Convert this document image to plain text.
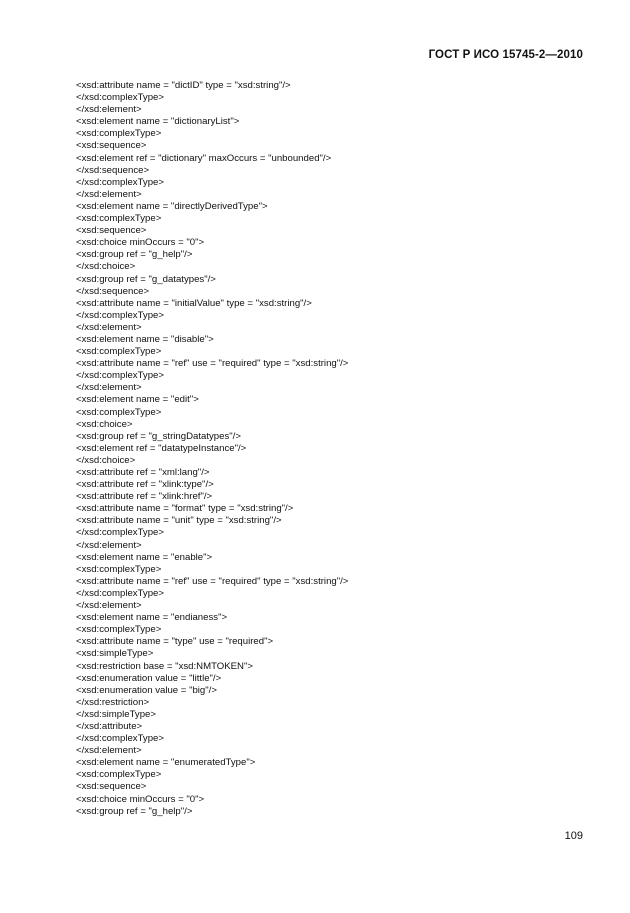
ГОСТ Р ИСО 15745-2—2010
<xsd:attribute name = "dictID" type = "xsd:string"/>
</xsd:complexType>
</xsd:element>
<xsd:element name = "dictionaryList">
<xsd:complexType>
<xsd:sequence>
<xsd:element ref = "dictionary" maxOccurs = "unbounded"/>
</xsd:sequence>
</xsd:complexType>
</xsd:element>
<xsd:element name = "directlyDerivedType">
<xsd:complexType>
<xsd:sequence>
<xsd:choice minOccurs = "0">
<xsd:group ref = "g_help"/>
</xsd:choice>
<xsd:group ref = "g_datatypes"/>
</xsd:sequence>
<xsd:attribute name = "initialValue" type = "xsd:string"/>
</xsd:complexType>
</xsd:element>
<xsd:element name = "disable">
<xsd:complexType>
<xsd:attribute name = "ref" use = "required" type = "xsd:string"/>
</xsd:complexType>
</xsd:element>
<xsd:element name = "edit">
<xsd:complexType>
<xsd:choice>
<xsd:group ref = "g_stringDatatypes"/>
<xsd:element ref = "datatypeInstance"/>
</xsd:choice>
<xsd:attribute ref = "xml:lang"/>
<xsd:attribute ref = "xlink:type"/>
<xsd:attribute ref = "xlink:href"/>
<xsd:attribute name = "format" type = "xsd:string"/>
<xsd:attribute name = "unit" type = "xsd:string"/>
</xsd:complexType>
</xsd:element>
<xsd:element name = "enable">
<xsd:complexType>
<xsd:attribute name = "ref" use = "required" type = "xsd:string"/>
</xsd:complexType>
</xsd:element>
<xsd:element name = "endianess">
<xsd:complexType>
<xsd:attribute name = "type" use = "required">
<xsd:simpleType>
<xsd:restriction base = "xsd:NMTOKEN">
<xsd:enumeration value = "little"/>
<xsd:enumeration value = "big"/>
</xsd:restriction>
</xsd:simpleType>
</xsd:attribute>
</xsd:complexType>
</xsd:element>
<xsd:element name = "enumeratedType">
<xsd:complexType>
<xsd:sequence>
<xsd:choice minOccurs = "0">
<xsd:group ref = "g_help"/>
109
